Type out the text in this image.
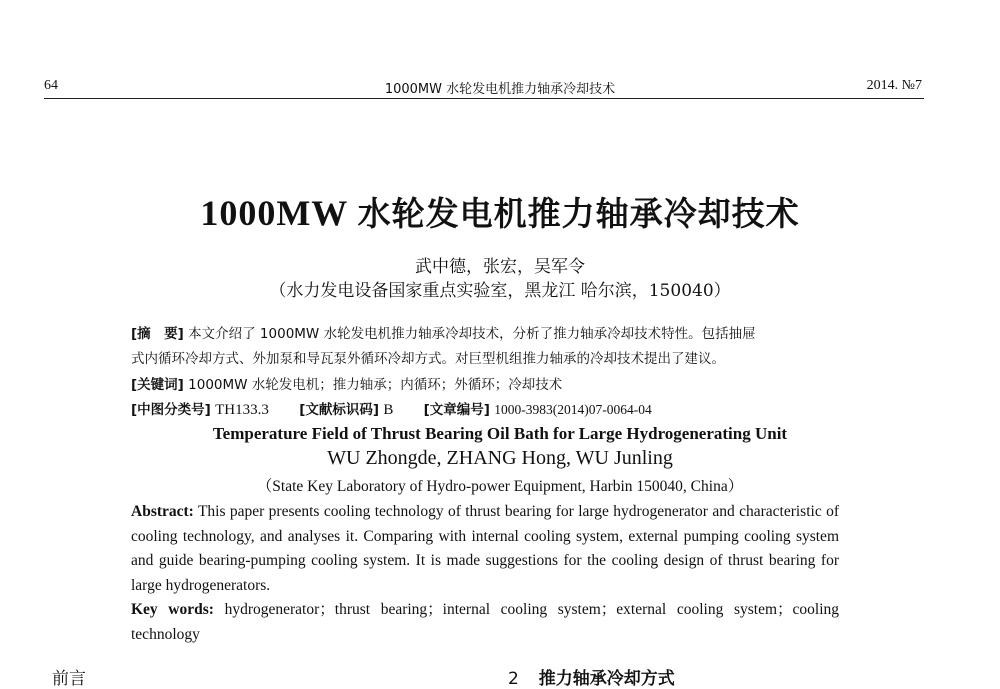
64	1000MW 水轮发电机推力轴承冷却技术	2014. №7
1000MW 水轮发电机推力轴承冷却技术
武中德，张宏，吴军令
（水力发电设备国家重点实验室，黑龙江 哈尔滨，150040）
[摘　要] 本文介绍了 1000MW 水轮发电机推力轴承冷却技术，分析了推力轴承冷却技术特性。包括抽屉
式内循环冷却方式、外加泵和导瓦泵外循环冷却方式。对巨型机组推力轴承的冷却技术提出了建议。
[关键词] 1000MW 水轮发电机；推力轴承；内循环；外循环；冷却技术
[中图分类号] TH133.3 [文献标识码] B [文章编号] 1000-3983(2014)07-0064-04
Temperature Field of Thrust Bearing Oil Bath for Large Hydrogenerating Unit
WU Zhongde, ZHANG Hong, WU Junling
（State Key Laboratory of Hydro-power Equipment, Harbin 150040, China）
Abstract: This paper presents cooling technology of thrust bearing for large hydrogenerator and characteristic of cooling technology, and analyses it. Comparing with internal cooling system, external pumping cooling system and guide bearing-pumping cooling system. It is made suggestions for the cooling design of thrust bearing for large hydrogenerators.
Key words: hydrogenerator；thrust bearing；internal cooling system；external cooling system；cooling technology
前言	2 推力轴承冷却方式
